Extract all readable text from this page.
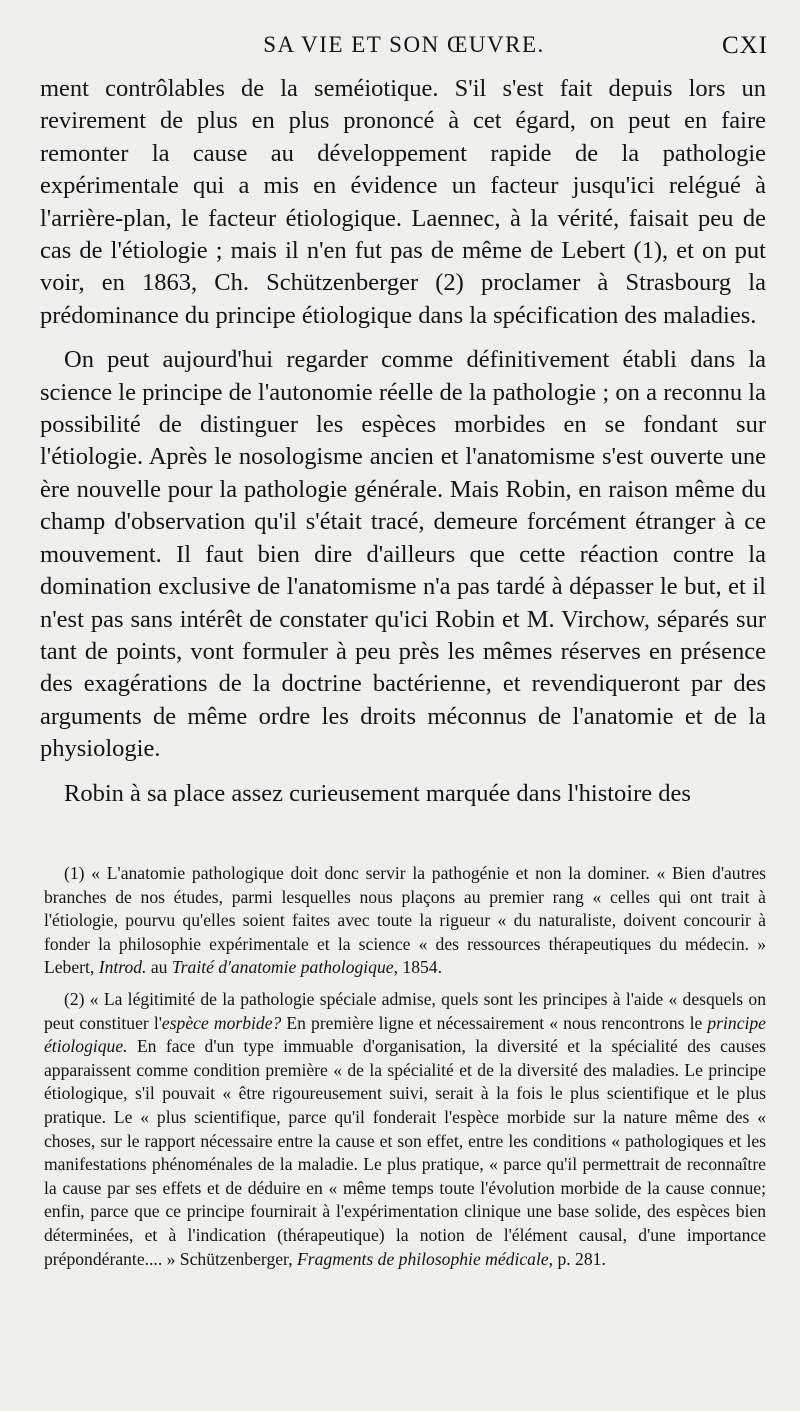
SA VIE ET SON ŒUVRE.	CXI

ment contrôlables de la seméiotique. S'il s'est fait depuis lors un revirement de plus en plus prononcé à cet égard, on peut en faire remonter la cause au développement rapide de la pathologie expérimentale qui a mis en évidence un facteur jusqu'ici relégué à l'arrière-plan, le facteur étiologique. Laennec, à la vérité, faisait peu de cas de l'étiologie ; mais il n'en fut pas de même de Lebert (1), et on put voir, en 1863, Ch. Schützenberger (2) proclamer à Strasbourg la prédominance du principe étiologique dans la spécification des maladies.

On peut aujourd'hui regarder comme définitivement établi dans la science le principe de l'autonomie réelle de la pathologie ; on a reconnu la possibilité de distinguer les espèces morbides en se fondant sur l'étiologie. Après le nosologisme ancien et l'anatomisme s'est ouverte une ère nouvelle pour la pathologie générale. Mais Robin, en raison même du champ d'observation qu'il s'était tracé, demeure forcément étranger à ce mouvement. Il faut bien dire d'ailleurs que cette réaction contre la domination exclusive de l'anatomisme n'a pas tardé à dépasser le but, et il n'est pas sans intérêt de constater qu'ici Robin et M. Virchow, séparés sur tant de points, vont formuler à peu près les mêmes réserves en présence des exagérations de la doctrine bactérienne, et revendiqueront par des arguments de même ordre les droits méconnus de l'anatomie et de la physiologie.

Robin à sa place assez curieusement marquée dans l'histoire des

(1) « L'anatomie pathologique doit donc servir la pathogénie et non la dominer. « Bien d'autres branches de nos études, parmi lesquelles nous plaçons au premier rang « celles qui ont trait à l'étiologie, pourvu qu'elles soient faites avec toute la rigueur « du naturaliste, doivent concourir à fonder la philosophie expérimentale et la science « des ressources thérapeutiques du médecin. » Lebert, Introd. au Traité d'anatomie pathologique, 1854.

(2) « La légitimité de la pathologie spéciale admise, quels sont les principes à l'aide « desquels on peut constituer l'espèce morbide? En première ligne et nécessairement « nous rencontrons le principe étiologique. En face d'un type immuable d'organisation, la diversité et la spécialité des causes apparaissent comme condition première « de la spécialité et de la diversité des maladies. Le principe étiologique, s'il pouvait « être rigoureusement suivi, serait à la fois le plus scientifique et le plus pratique. Le « plus scientifique, parce qu'il fonderait l'espèce morbide sur la nature même des « choses, sur le rapport nécessaire entre la cause et son effet, entre les conditions « pathologiques et les manifestations phénoménales de la maladie. Le plus pratique, « parce qu'il permettrait de reconnaître la cause par ses effets et de déduire en « même temps toute l'évolution morbide de la cause connue; enfin, parce que ce principe fournirait à l'expérimentation clinique une base solide, des espèces bien déterminées, et à l'indication (thérapeutique) la notion de l'élément causal, d'une importance prépondérante.... » Schützenberger, Fragments de philosophie médicale, p. 281.
